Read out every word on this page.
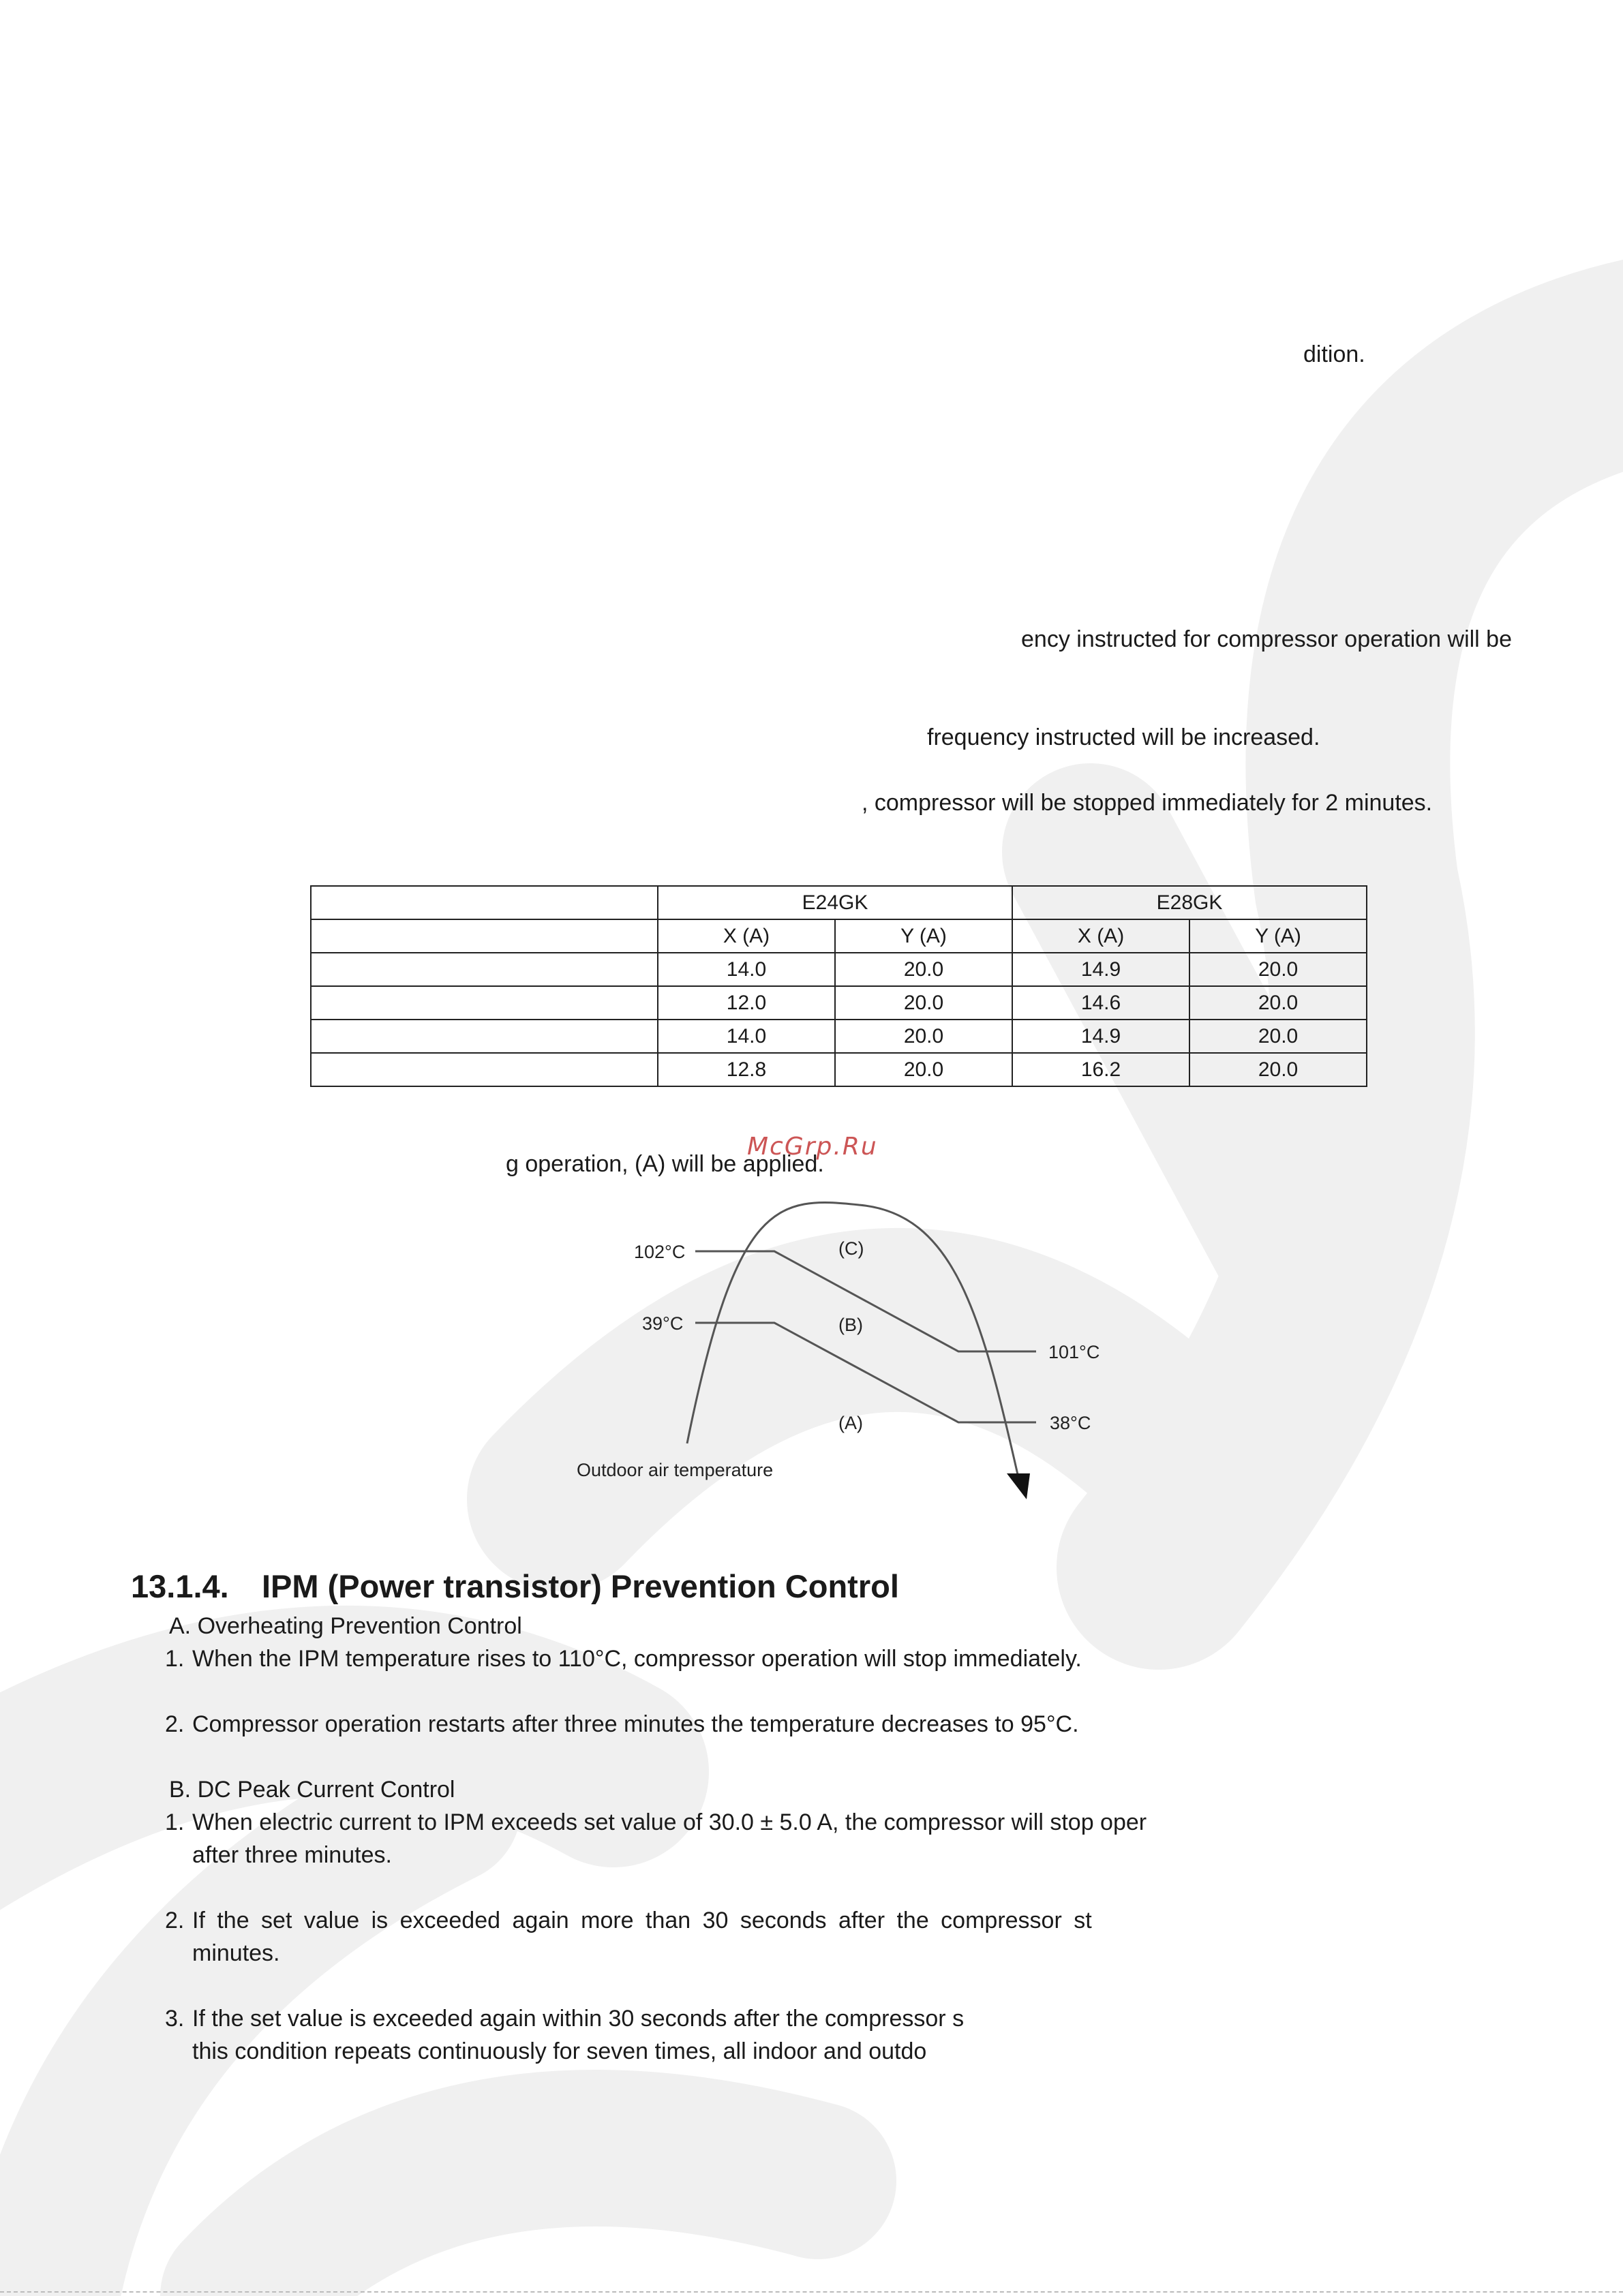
dition.
ency instructed for compressor operation will be
frequency instructed will be increased.
, compressor will be stopped immediately for 2 minutes.
	E24GK		E28GK	
	X (A)	Y (A)	X (A)	Y (A)
	14.0	20.0	14.9	20.0
	12.0	20.0	14.6	20.0
	14.0	20.0	14.9	20.0
	12.8	20.0	16.2	20.0
g operation, (A) will be applied.
McGrp.Ru
102°C
39°C
101°C
38°C
(C)
(B)
(A)
Outdoor air temperature
13.1.4. IPM (Power transistor) Prevention Control
A. Overheating Prevention Control
1. When the IPM temperature rises to 110°C, compressor operation will stop immediately.
2. Compressor operation restarts after three minutes the temperature decreases to 95°C.
B. DC Peak Current Control
1. When electric current to IPM exceeds set value of 30.0 ± 5.0 A, the compressor will stop oper
after three minutes.
2. If the set value is exceeded again more than 30 seconds after the compressor st
minutes.
3. If the set value is exceeded again within 30 seconds after the compressor s
this condition repeats continuously for seven times, all indoor and outdo
